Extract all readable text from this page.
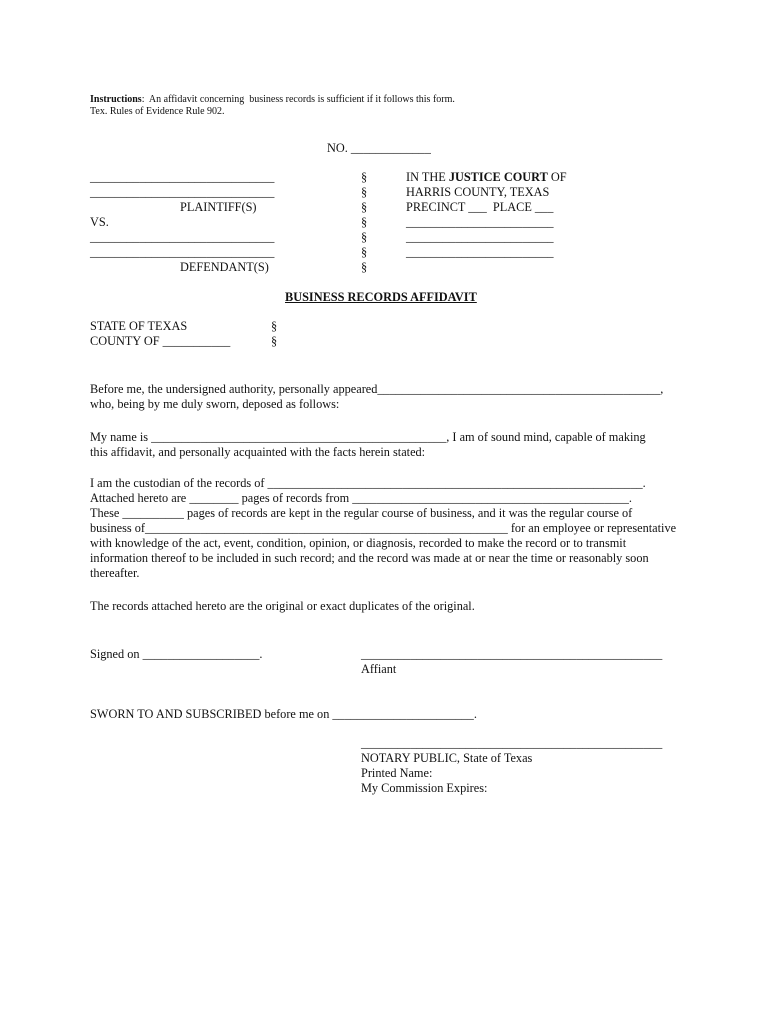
Instructions:  An affidavit concerning  business records is sufficient if it follows this form.
Tex. Rules of Evidence Rule 902.
NO. _____________
______________________________
______________________________
PLAINTIFF(S)
VS.
______________________________
______________________________
DEFENDANT(S)
§
§
§
§
§
§
§
IN THE JUSTICE COURT OF
HARRIS COUNTY, TEXAS
PRECINCT ___  PLACE ___
________________________
________________________
________________________
BUSINESS RECORDS AFFIDAVIT
STATE OF TEXAS
COUNTY OF ___________
§
§
Before me, the undersigned authority, personally appeared______________________________________________,
who, being by me duly sworn, deposed as follows:
My name is ________________________________________________, I am of sound mind, capable of making
this affidavit, and personally acquainted with the facts herein stated:
I am the custodian of the records of _____________________________________________________________.
Attached hereto are ________ pages of records from _____________________________________________.
These __________ pages of records are kept in the regular course of business, and it was the regular course of
business of___________________________________________________________ for an employee or representative
with knowledge of the act, event, condition, opinion, or diagnosis, recorded to make the record or to transmit
information thereof to be included in such record; and the record was made at or near the time or reasonably soon
thereafter.
The records attached hereto are the original or exact duplicates of the original.
Signed on ___________________.	_________________________________________________
Affiant
SWORN TO AND SUBSCRIBED before me on _______________________.
_________________________________________________
NOTARY PUBLIC, State of Texas
Printed Name:
My Commission Expires:
